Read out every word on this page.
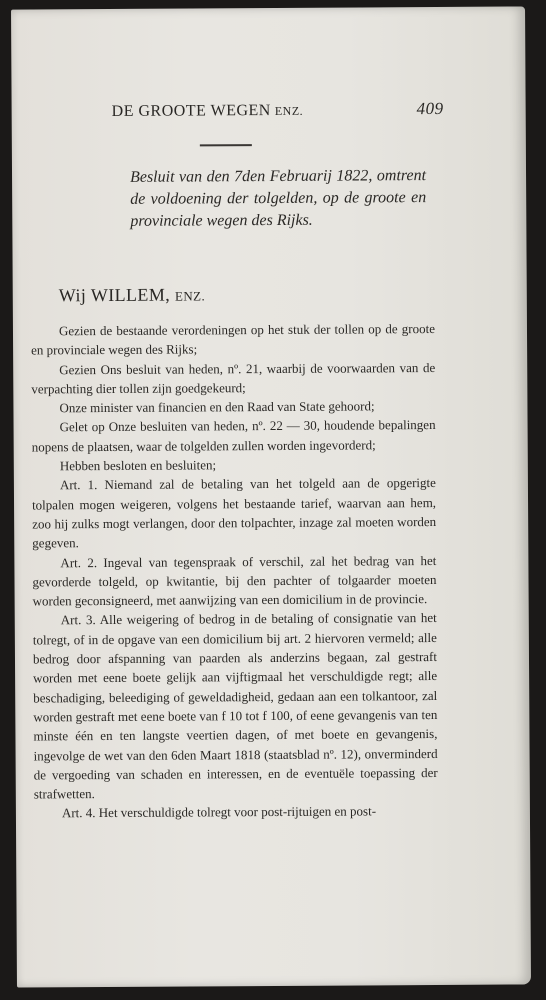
DE GROOTE WEGEN ENZ.	409
Besluit van den 7den Februarij 1822, omtrent de voldoening der tolgelden, op de groote en provinciale wegen des Rijks.
Wij WILLEM, ENZ.

Gezien de bestaande verordeningen op het stuk der tollen op de groote en provinciale wegen des Rijks;

Gezien Ons besluit van heden, nº. 21, waarbij de voorwaarden van de verpachting dier tollen zijn goedgekeurd;

Onze minister van financien en den Raad van State gehoord;

Gelet op Onze besluiten van heden, nº. 22 — 30, houdende bepalingen nopens de plaatsen, waar de tolgelden zullen worden ingevorderd;

Hebben besloten en besluiten;

Art. 1. Niemand zal de betaling van het tolgeld aan de opgerigte tolpalen mogen weigeren, volgens het bestaande tarief, waarvan aan hem, zoo hij zulks mogt verlangen, door den tolpachter, inzage zal moeten worden gegeven.

Art. 2. Ingeval van tegenspraak of verschil, zal het bedrag van het gevorderde tolgeld, op kwitantie, bij den pachter of tolgaarder moeten worden geconsigneerd, met aanwijzing van een domicilium in de provincie.

Art. 3. Alle weigering of bedrog in de betaling of consignatie van het tolregt, of in de opgave van een domicilium bij art. 2 hiervoren vermeld; alle bedrog door afspanning van paarden als anderzins begaan, zal gestraft worden met eene boete gelijk aan vijftigmaal het verschuldigde regt; alle beschadiging, beleediging of geweldadigheid, gedaan aan een tolkantoor, zal worden gestraft met eene boete van f 10 tot f 100, of eene gevangenis van ten minste één en ten langste veertien dagen, of met boete en gevangenis, ingevolge de wet van den 6den Maart 1818 (staatsblad nº. 12), onverminderd de vergoeding van schaden en interessen, en de eventuële toepassing der strafwetten.

Art. 4. Het verschuldigde tolregt voor post-rijtuigen en post-
